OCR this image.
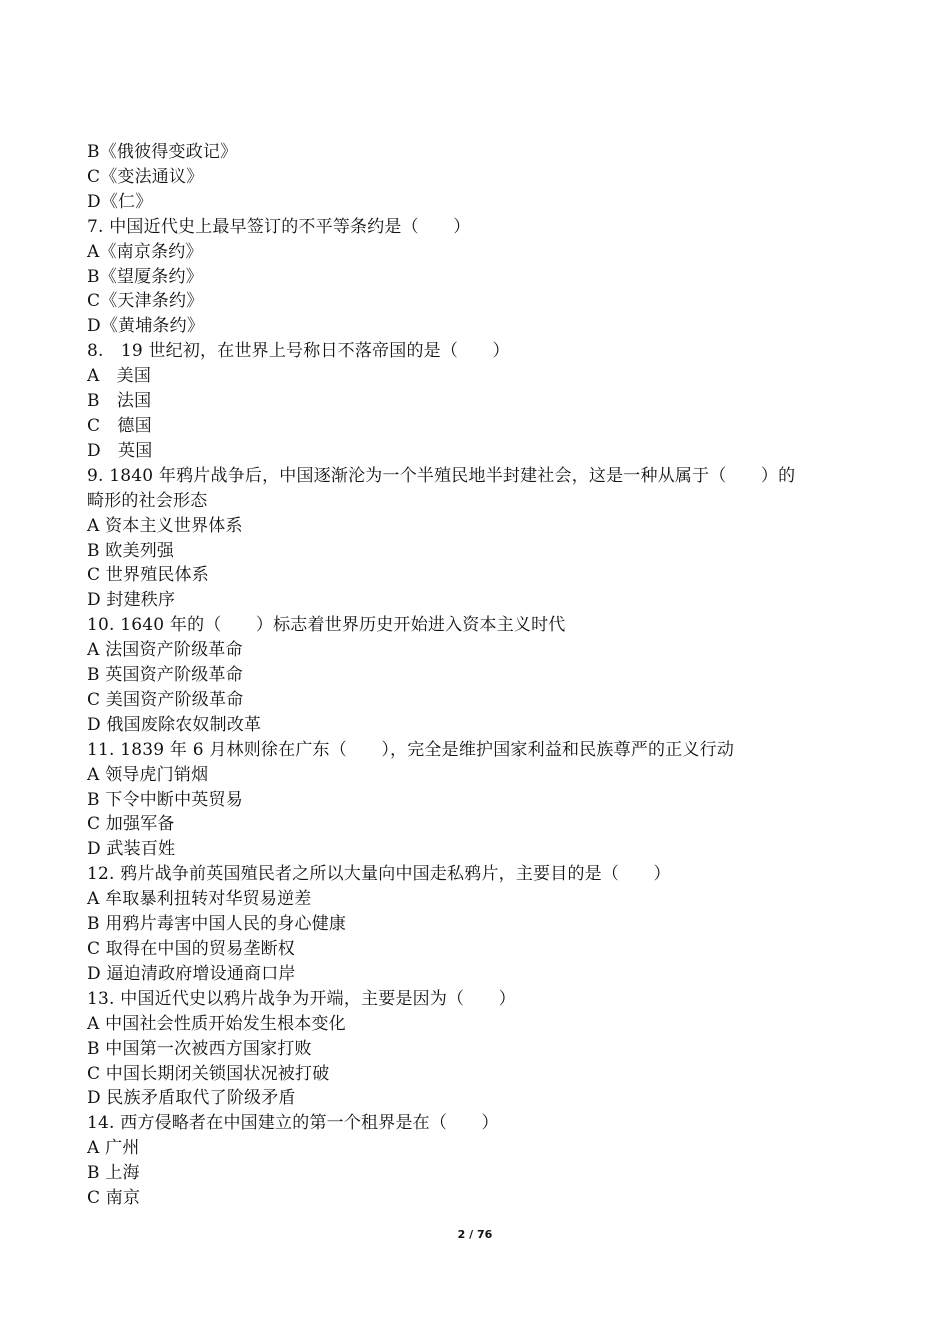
B《俄彼得变政记》
C《变法通议》
D《仁》
7. 中国近代史上最早签订的不平等条约是（　　）
A《南京条约》
B《望厦条约》
C《天津条约》
D《黄埔条约》
8.　19 世纪初，在世界上号称日不落帝国的是（　　）
A　美国
B　法国
C　德国
D　英国
9. 1840 年鸦片战争后，中国逐渐沦为一个半殖民地半封建社会，这是一种从属于（　　）的
畸形的社会形态
A 资本主义世界体系
B 欧美列强
C 世界殖民体系
D 封建秩序
10. 1640 年的（　　）标志着世界历史开始进入资本主义时代
A 法国资产阶级革命
B 英国资产阶级革命
C 美国资产阶级革命
D 俄国废除农奴制改革
11. 1839 年 6 月林则徐在广东（　　），完全是维护国家利益和民族尊严的正义行动
A 领导虎门销烟
B 下令中断中英贸易
C 加强军备
D 武装百姓
12. 鸦片战争前英国殖民者之所以大量向中国走私鸦片，主要目的是（　　）
A 牟取暴利扭转对华贸易逆差
B 用鸦片毒害中国人民的身心健康
C 取得在中国的贸易垄断权
D 逼迫清政府增设通商口岸
13. 中国近代史以鸦片战争为开端，主要是因为（　　）
A 中国社会性质开始发生根本变化
B 中国第一次被西方国家打败
C 中国长期闭关锁国状况被打破
D 民族矛盾取代了阶级矛盾
14. 西方侵略者在中国建立的第一个租界是在（　　）
A 广州
B 上海
C 南京
2 / 76
